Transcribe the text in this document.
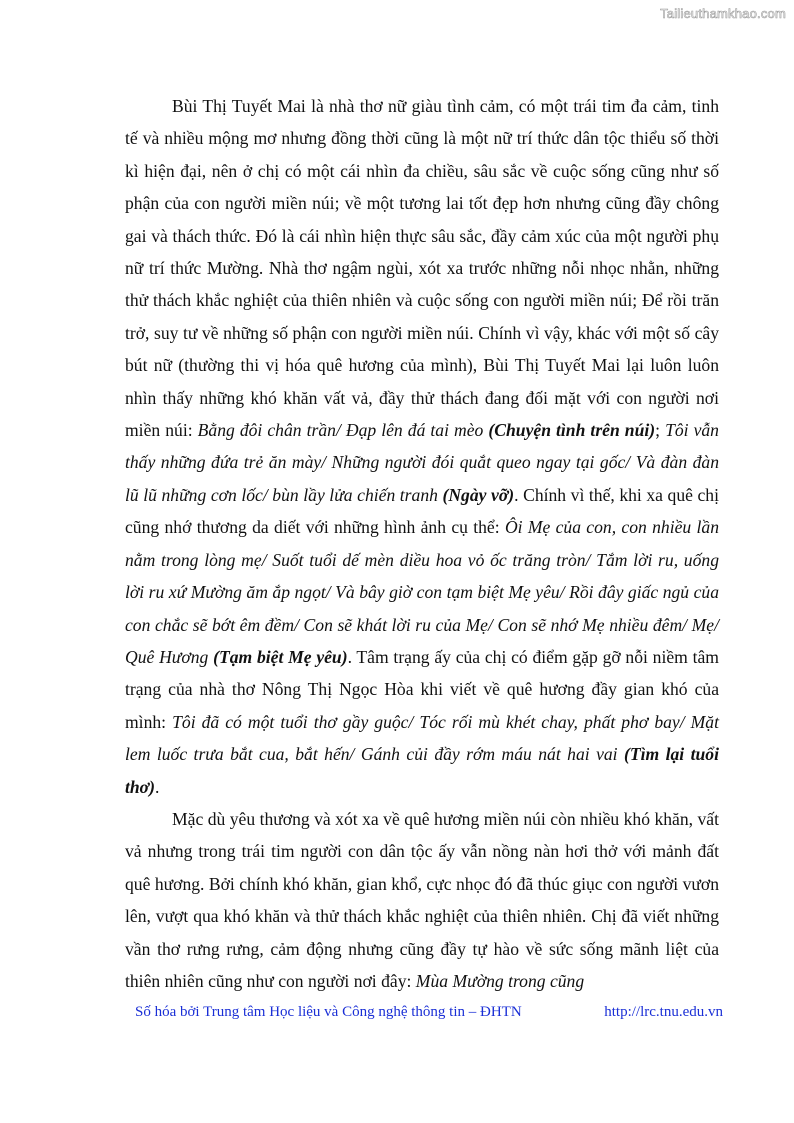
Tailieuthamkhao.com

Bùi Thị Tuyết Mai là nhà thơ nữ giàu tình cảm, có một trái tim đa cảm, tinh tế và nhiều mộng mơ nhưng đồng thời cũng là một nữ trí thức dân tộc thiểu số thời kì hiện đại, nên ở chị có một cái nhìn đa chiều, sâu sắc về cuộc sống cũng như số phận của con người miền núi; về một tương lai tốt đẹp hơn nhưng cũng đầy chông gai và thách thức. Đó là cái nhìn hiện thực sâu sắc, đầy cảm xúc của một người phụ nữ trí thức Mường. Nhà thơ ngậm ngùi, xót xa trước những nỗi nhọc nhằn, những thử thách khắc nghiệt của thiên nhiên và cuộc sống con người miền núi; Để rồi trăn trở, suy tư về những số phận con người miền núi. Chính vì vậy, khác với một số cây bút nữ (thường thi vị hóa quê hương của mình), Bùi Thị Tuyết Mai lại luôn luôn nhìn thấy những khó khăn vất vả, đầy thử thách đang đối mặt với con người nơi miền núi: Bằng đôi chân trần/ Đạp lên đá tai mèo (Chuyện tình trên núi); Tôi vẫn thấy những đứa trẻ ăn mày/ Những người đói quắt queo ngay tại gốc/ Và đàn đàn lũ lũ những cơn lốc/ bùn lầy lửa chiến tranh (Ngày vỡ). Chính vì thế, khi xa quê chị cũng nhớ thương da diết với những hình ảnh cụ thể: Ôi Mẹ của con, con nhiều lần nằm trong lòng mẹ/ Suốt tuổi dế mèn diều hoa vỏ ốc trăng tròn/ Tắm lời ru, uống lời ru xứ Mường ăm ắp ngọt/ Và bây giờ con tạm biệt Mẹ yêu/ Rồi đây giấc ngủ của con chắc sẽ bớt êm đềm/ Con sẽ khát lời ru của Mẹ/ Con sẽ nhớ Mẹ nhiều đêm/ Mẹ/ Quê Hương (Tạm biệt Mẹ yêu). Tâm trạng ấy của chị có điểm gặp gỡ nỗi niềm tâm trạng của nhà thơ Nông Thị Ngọc Hòa khi viết về quê hương đầy gian khó của mình: Tôi đã có một tuổi thơ gầy guộc/ Tóc rối mù khét chay, phất phơ bay/ Mặt lem luốc trưa bắt cua, bắt hến/ Gánh củi đầy rớm máu nát hai vai (Tìm lại tuổi thơ).

Mặc dù yêu thương và xót xa về quê hương miền núi còn nhiều khó khăn, vất vả nhưng trong trái tim người con dân tộc ấy vẫn nồng nàn hơi thở với mảnh đất quê hương. Bởi chính khó khăn, gian khổ, cực nhọc đó đã thúc giục con người vươn lên, vượt qua khó khăn và thử thách khắc nghiệt của thiên nhiên. Chị đã viết những vần thơ rưng rưng, cảm động nhưng cũng đầy tự hào về sức sống mãnh liệt của thiên nhiên cũng như con người nơi đây: Mùa Mường trong cũng

Số hóa bởi Trung tâm Học liệu và Công nghệ thông tin – ĐHTN	http://lrc.tnu.edu.vn
